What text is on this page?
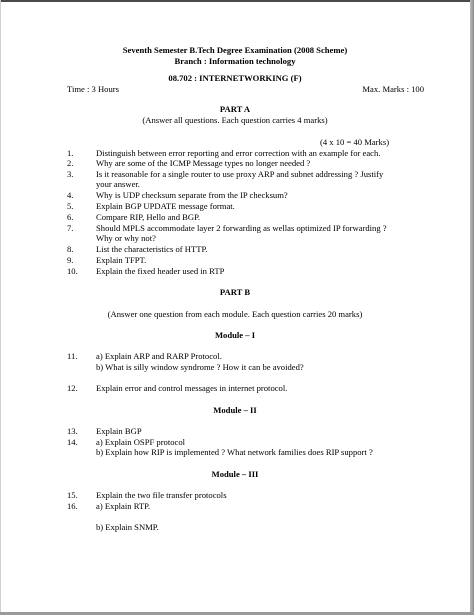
Seventh Semester B.Tech Degree Examination (2008 Scheme)
Branch : Information technology
08.702 : INTERNETWORKING (F)
Time : 3 Hours	Max. Marks : 100
PART A
(Answer all questions. Each question carries 4 marks)
(4 x 10 = 40 Marks)
1.	Distinguish between error reporting and error correction with an example for each.
2.	Why are some of the ICMP Message types no longer needed ?
3.	Is it reasonable for a single router to use proxy ARP and subnet addressing ? Justify
your answer.
4.	Why is UDP checksum separate from the IP checksum?
5.	Explain BGP UPDATE message format.
6.	Compare RIP, Hello and BGP.
7.	Should MPLS accommodate layer 2 forwarding as wellas optimized IP forwarding ?
Why or why not?
8.	List the characteristics of HTTP.
9.	Explain TFPT.
10. Explain the fixed header used in RTP
PART B
(Answer one question from each module. Each question carries 20 marks)
Module – I
11. a) Explain ARP and RARP Protocol.
b) What is silly window syndrome ? How it can be avoided?
12. Explain error and control messages in internet protocol.
Module – II
13. Explain BGP
14. a) Explain OSPF protocol
b) Explain how RIP is implemented ? What network families does RIP support ?
Module – III
15. Explain the two file transfer protocols
16. a) Explain RTP.
b) Explain SNMP.
